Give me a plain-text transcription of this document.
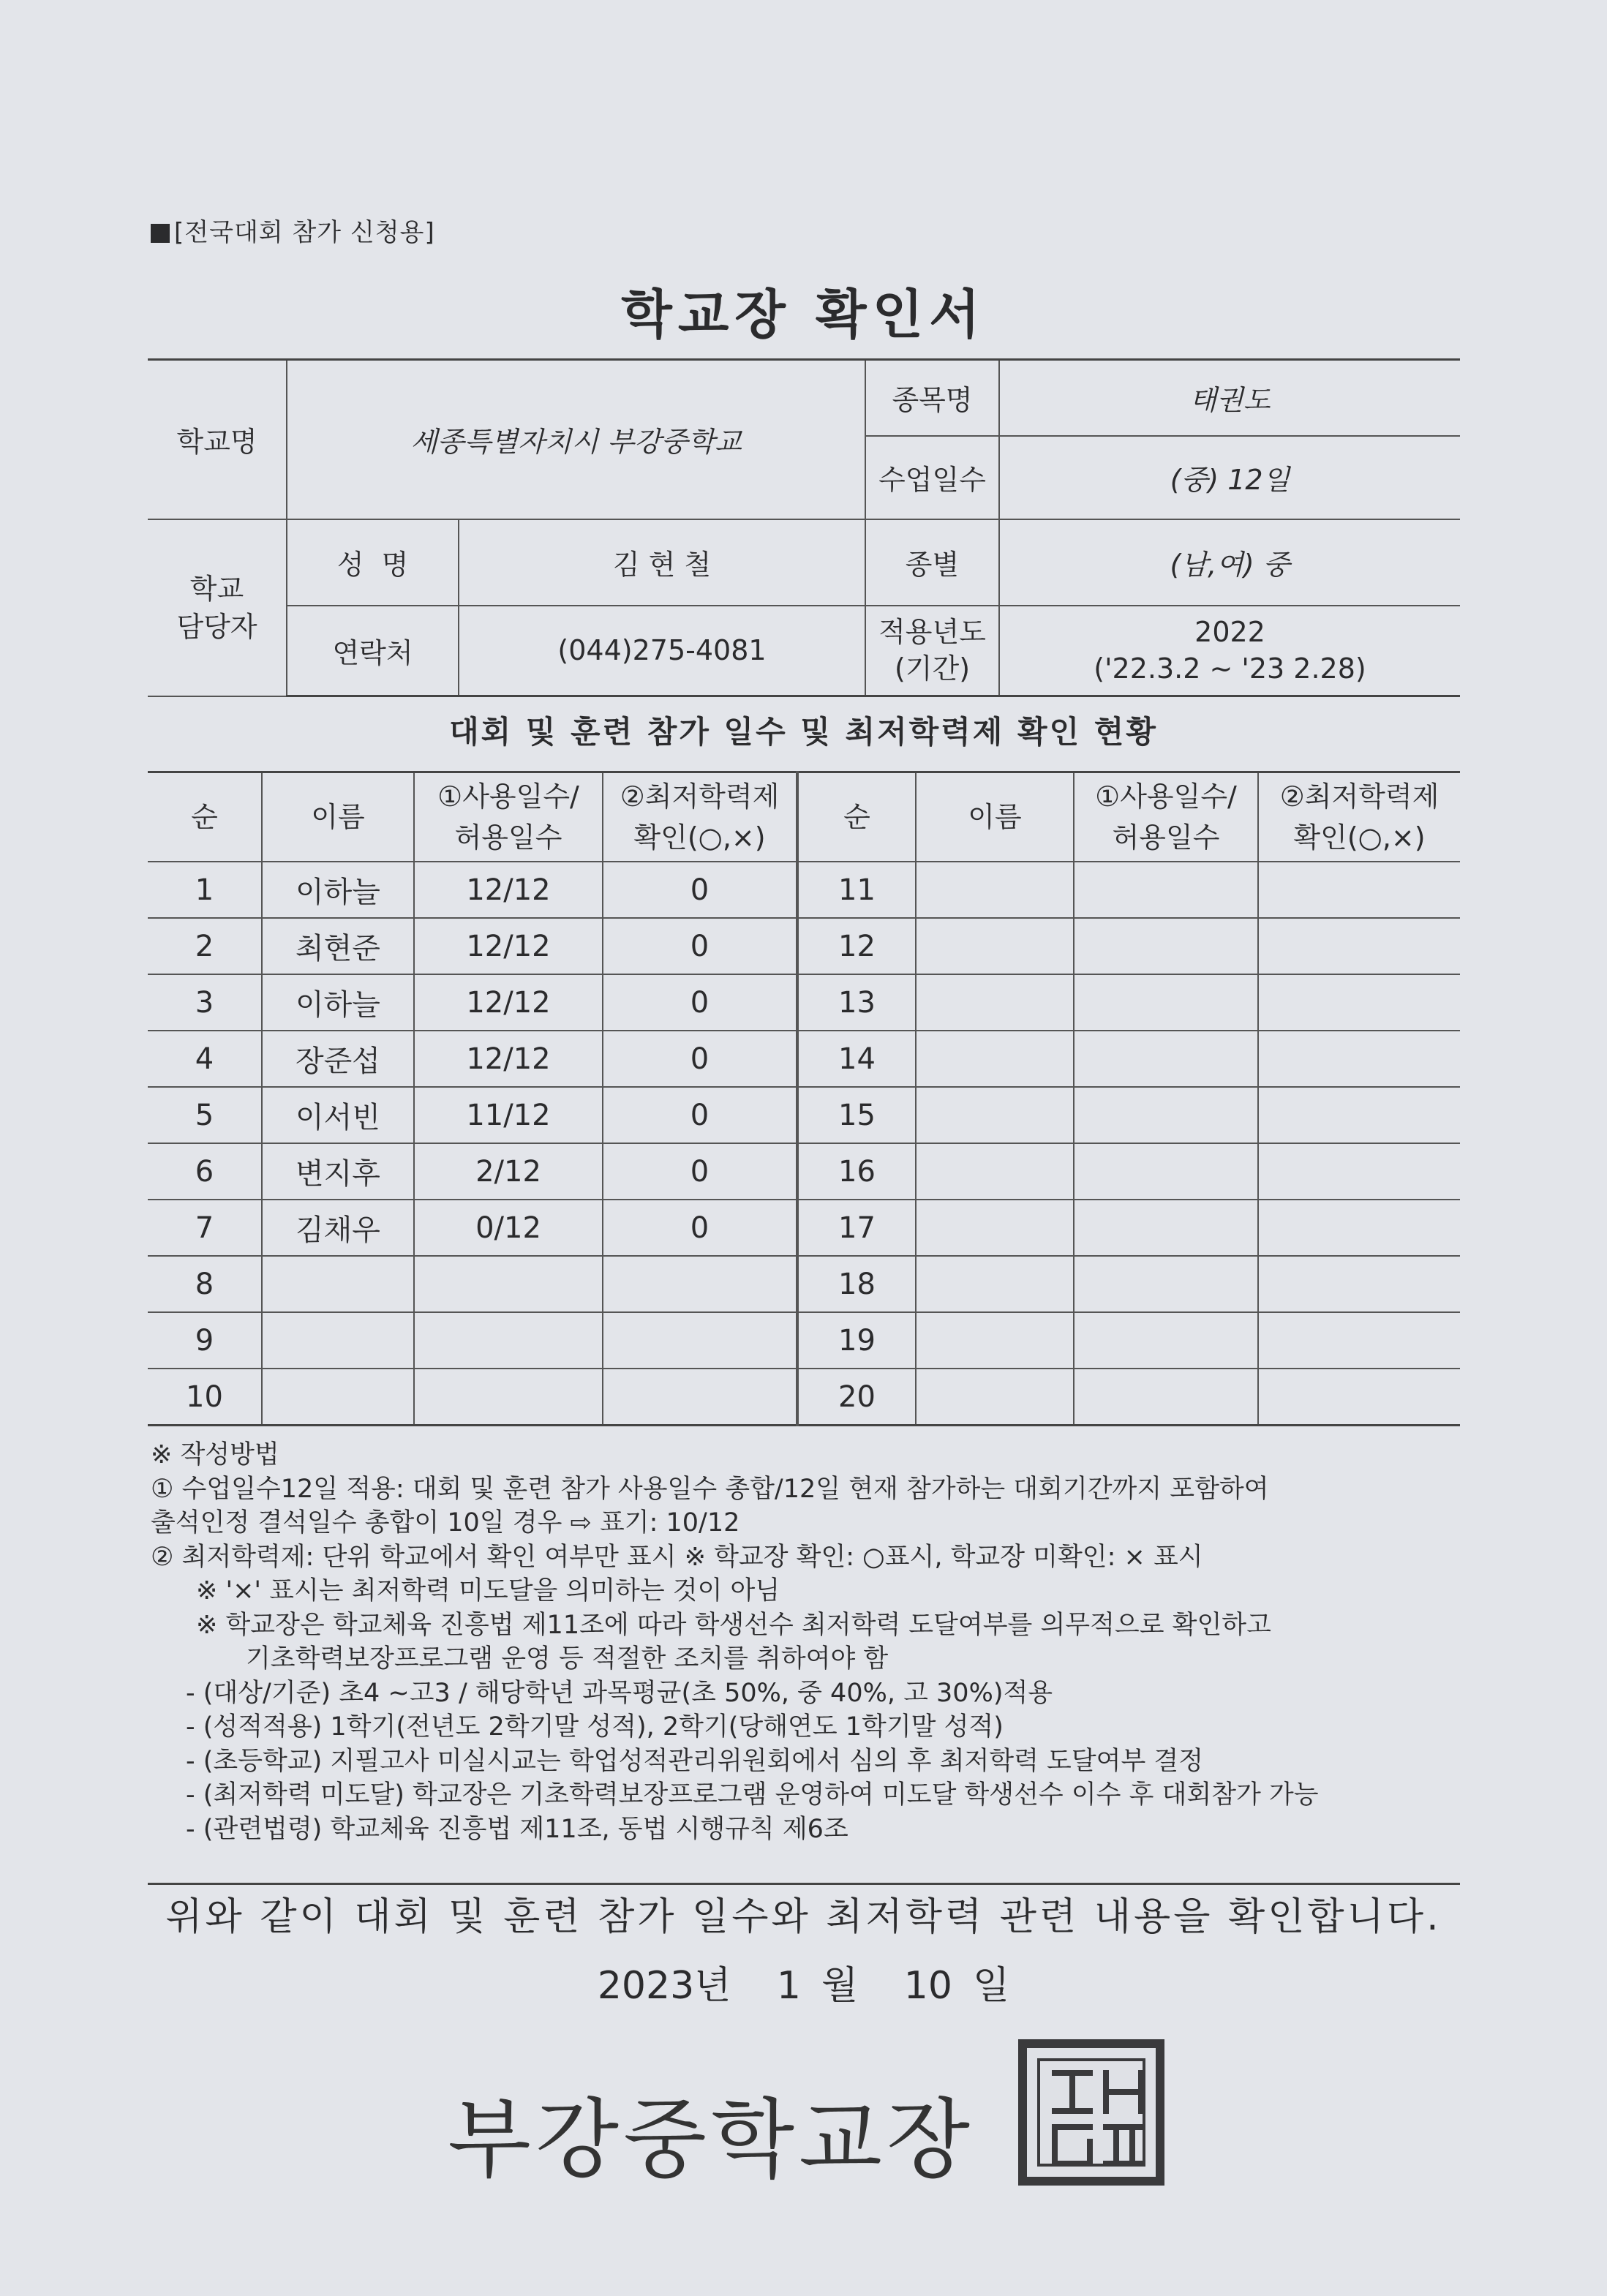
[전국대회 참가 신청용]
학교장 확인서
학교명	세종특별자치시 부강중학교		종목명	태권도
			수업일수	(중) 12일
학교
담당자	성  명	김 현 철	종별	(남,여) 중
	연락처	(044)275-4081	적용년도
(기간)	2022
('22.3.2 ~ '23 2.28)
대회 및 훈련 참가 일수 및 최저학력제 확인 현황
순	이름	①사용일수/
허용일수	②최저학력제
확인(○,×)	순	이름	①사용일수/
허용일수	②최저학력제
확인(○,×)
1	이하늘	12/12	0	11			
2	최현준	12/12	0	12			
3	이하늘	12/12	0	13			
4	장준섭	12/12	0	14			
5	이서빈	11/12	0	15			
6	변지후	2/12	0	16			
7	김채우	0/12	0	17			
8				18			
9				19			
10				20			
※ 작성방법
① 수업일수12일 적용: 대회 및 훈련 참가 사용일수 총합/12일 현재 참가하는 대회기간까지 포함하여
출석인정 결석일수 총합이 10일 경우 ⇨ 표기: 10/12
② 최저학력제: 단위 학교에서 확인 여부만 표시 ※ 학교장 확인: ○표시, 학교장 미확인: × 표시
※ '×' 표시는 최저학력 미도달을 의미하는 것이 아님
※ 학교장은 학교체육 진흥법 제11조에 따라 학생선수 최저학력 도달여부를 의무적으로 확인하고
기초학력보장프로그램 운영 등 적절한 조치를 취하여야 함
- (대상/기준) 초4 ~고3 / 해당학년 과목평균(초 50%, 중 40%, 고 30%)적용
- (성적적용) 1학기(전년도 2학기말 성적), 2학기(당해연도 1학기말 성적)
- (초등학교) 지필고사 미실시교는 학업성적관리위원회에서 심의 후 최저학력 도달여부 결정
- (최저학력 미도달) 학교장은 기초학력보장프로그램 운영하여 미도달 학생선수 이수 후 대회참가 가능
- (관련법령) 학교체육 진흥법 제11조, 동법 시행규칙 제6조
위와 같이 대회 및 훈련 참가 일수와 최저학력 관련 내용을 확인합니다.
2023년 1 월 10 일
부강중학교장
